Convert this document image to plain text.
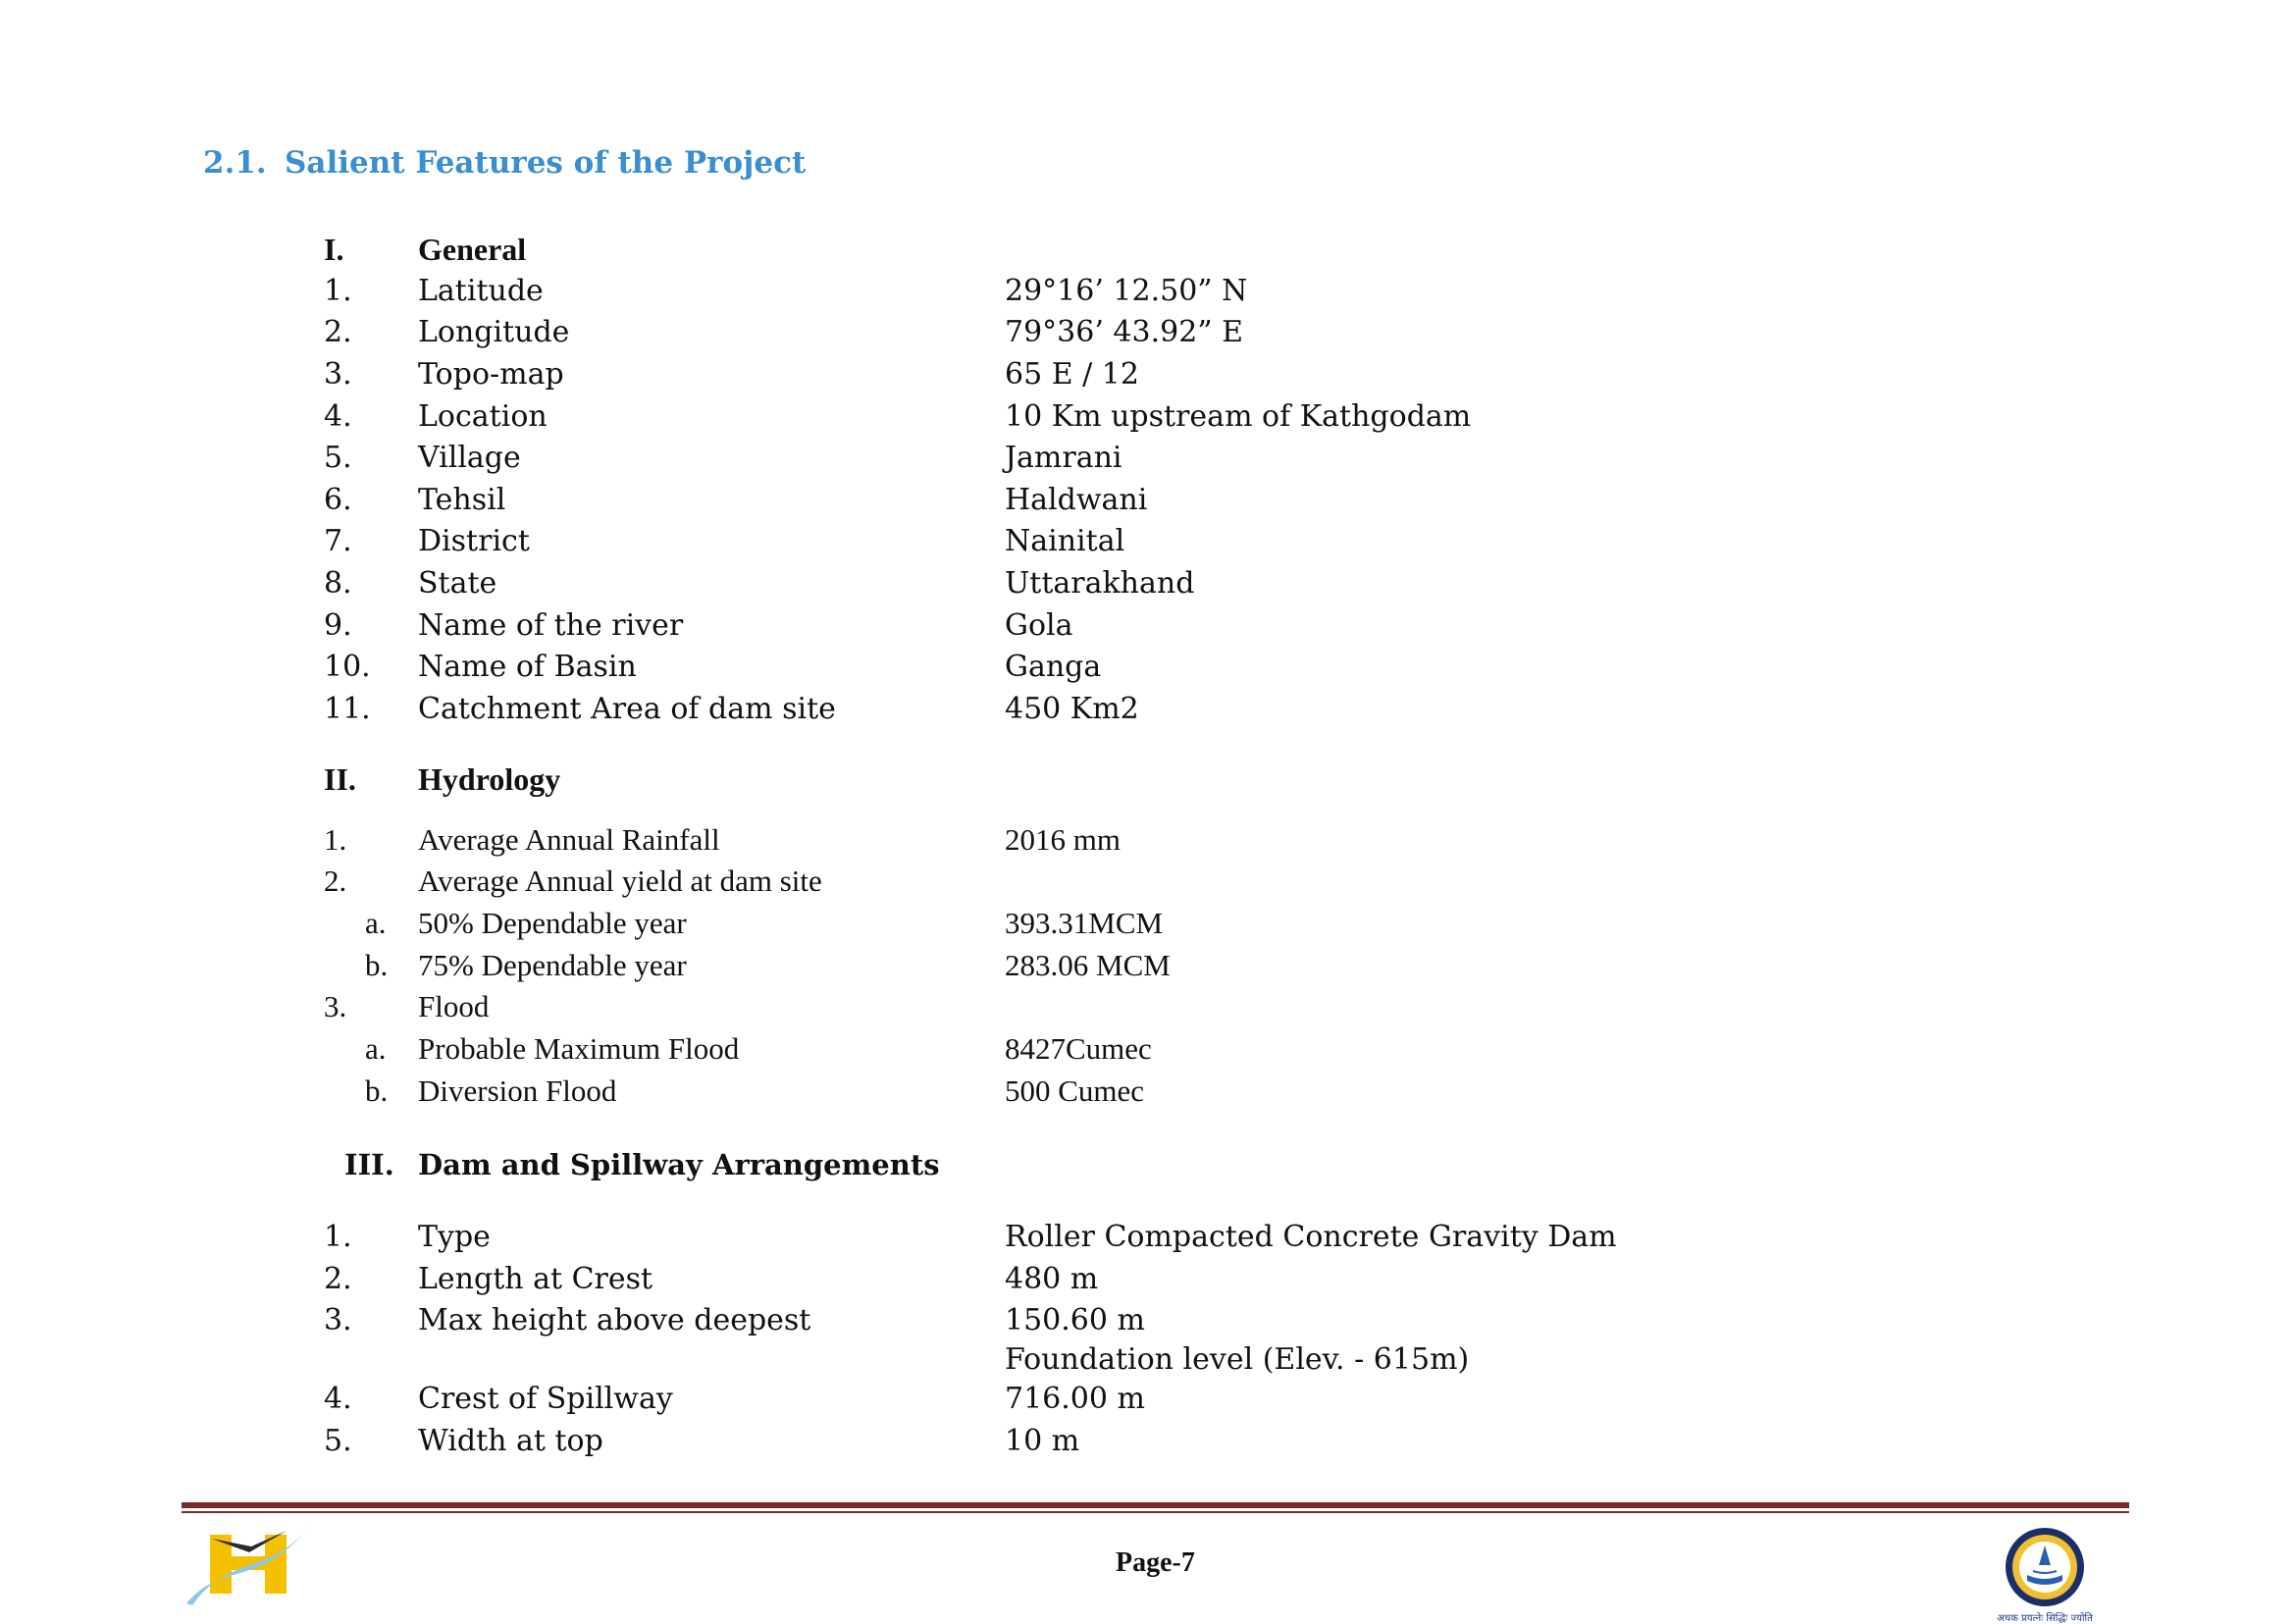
2.1. Salient Features of the Project
I. General
1.	Latitude	29°16’ 12.50” N
2.	Longitude	79°36’ 43.92” E
3.	Topo-map	65 E / 12
4.	Location	10 Km upstream of Kathgodam
5.	Village	Jamrani
6.	Tehsil	Haldwani
7.	District	Nainital
8.	State	Uttarakhand
9.	Name of the river	Gola
10.	Name of Basin	Ganga
11.	Catchment Area of dam site	450 Km2
II. Hydrology
1.	Average Annual Rainfall	2016 mm
2.	Average Annual yield at dam site
a.	50% Dependable year	393.31MCM
b. 75% Dependable year	283.06 MCM
3.	Flood
a.	Probable Maximum Flood	8427Cumec
b. Diversion Flood	500 Cumec
III. Dam and Spillway Arrangements
1.	Type	Roller Compacted Concrete Gravity Dam
2.	Length at Crest	480 m
3.	Max height above deepest	150.60 m
Foundation level (Elev. - 615m)
4.	Crest of Spillway	716.00 m
5.	Width at top	10 m
Page-7
अथक प्रयत्नेः सिद्धिः ज्योति
